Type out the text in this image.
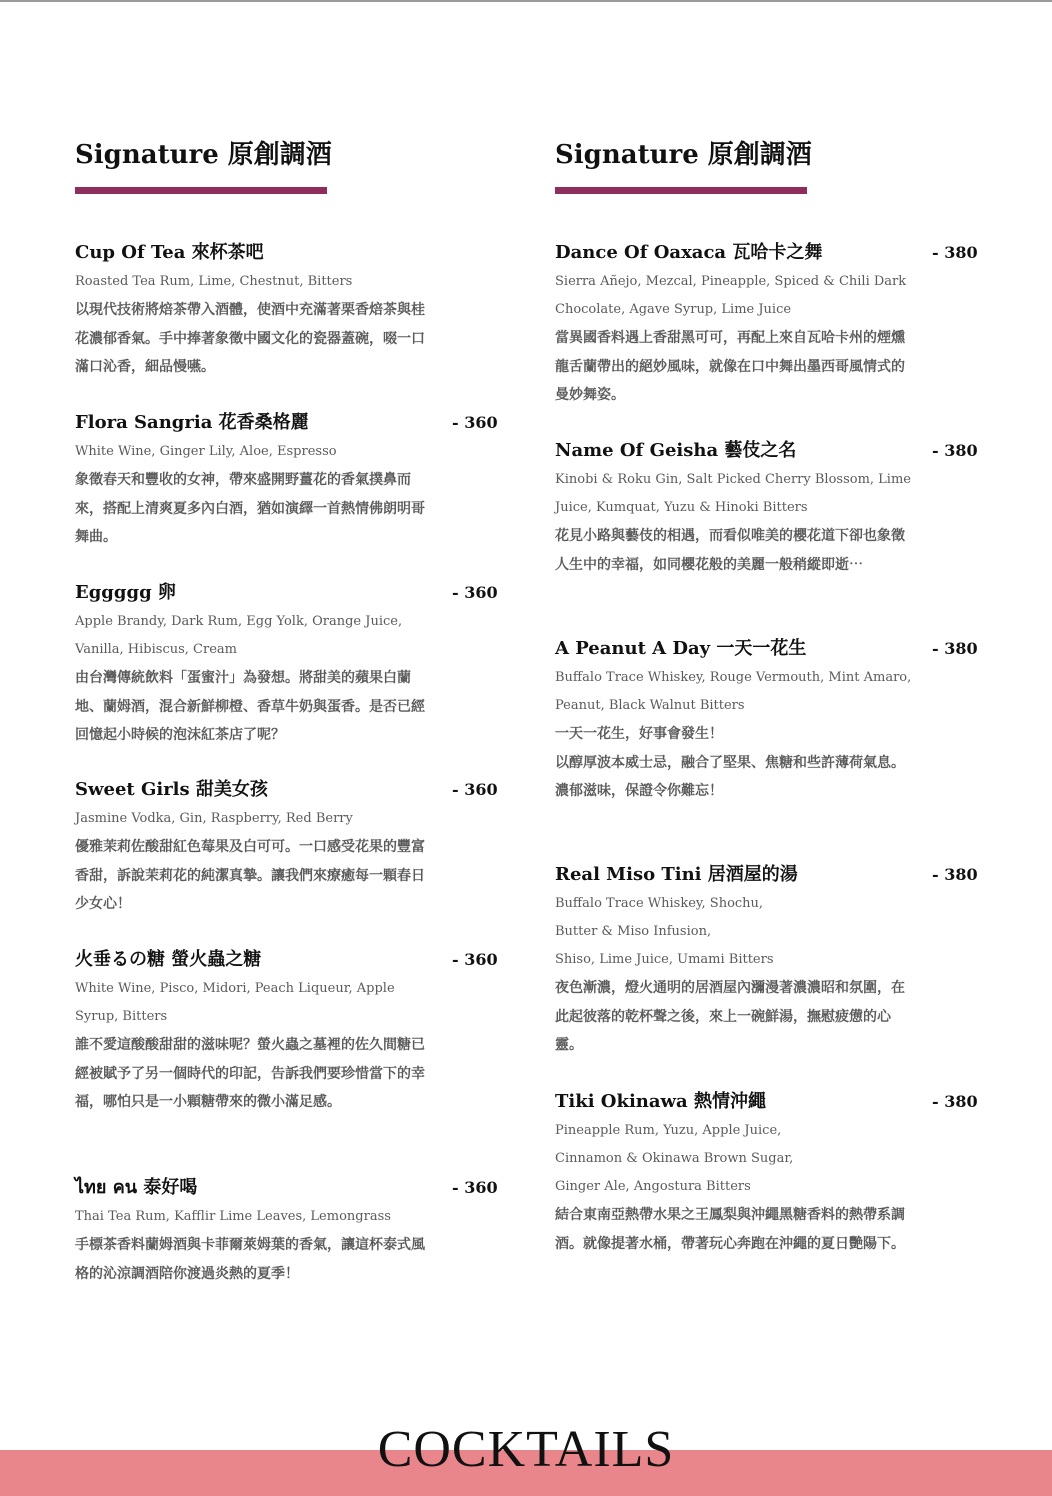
Signature 原創調酒
Cup Of Tea 來杯茶吧

Roasted Tea Rum, Lime, Chestnut, Bitters

以現代技術將焙茶帶入酒體，使酒中充滿著栗香焙茶與桂花濃郁香氣。手中捧著象徵中國文化的瓷器蓋碗，啜一口滿口沁香，細品慢嚥。

Flora Sangria 花香桑格麗	- 360

White Wine, Ginger Lily, Aloe, Espresso

象徵春天和豐收的女神，帶來盛開野薑花的香氣撲鼻而來，搭配上清爽夏多內白酒，猶如演繹一首熱情佛朗明哥舞曲。

Eggggg 卵	- 360

Apple Brandy, Dark Rum, Egg Yolk, Orange Juice, Vanilla, Hibiscus, Cream

由台灣傳統飲料「蛋蜜汁」為發想。將甜美的蘋果白蘭地、蘭姆酒，混合新鮮柳橙、香草牛奶與蛋香。是否已經回憶起小時候的泡沫紅茶店了呢？

Sweet Girls 甜美女孩	- 360

Jasmine Vodka, Gin, Raspberry, Red Berry

優雅茉莉佐酸甜紅色莓果及白可可。一口感受花果的豐富香甜，訴說茉莉花的純潔真摯。讓我們來療癒每一顆春日少女心！

火垂るの糖 螢火蟲之糖	- 360

White Wine, Pisco, Midori, Peach Liqueur, Apple Syrup, Bitters

誰不愛這酸酸甜甜的滋味呢？螢火蟲之墓裡的佐久間糖已經被賦予了另一個時代的印記，告訴我們要珍惜當下的幸福，哪怕只是一小顆糖帶來的微小滿足感。

ไทย คน 泰好喝	- 360

Thai Tea Rum, Kafflir Lime Leaves, Lemongrass

手標茶香料蘭姆酒與卡菲爾萊姆葉的香氣，讓這杯泰式風格的沁涼調酒陪你渡過炎熱的夏季！

Signature 原創調酒
Dance Of Oaxaca 瓦哈卡之舞	- 380

Sierra Añejo, Mezcal, Pineapple, Spiced & Chili Dark Chocolate, Agave Syrup, Lime Juice

當異國香料遇上香甜黑可可，再配上來自瓦哈卡州的煙燻龍舌蘭帶出的絕妙風味，就像在口中舞出墨西哥風情式的曼妙舞姿。

Name Of Geisha 藝伎之名	- 380

Kinobi & Roku Gin, Salt Picked Cherry Blossom, Lime Juice, Kumquat, Yuzu & Hinoki Bitters

花見小路與藝伎的相遇，而看似唯美的櫻花道下卻也象徵人生中的幸福，如同櫻花般的美麗一般稍縱即逝⋯

A Peanut A Day 一天一花生	- 380

Buffalo Trace Whiskey, Rouge Vermouth, Mint Amaro, Peanut, Black Walnut Bitters

一天一花生，好事會發生！
以醇厚波本威士忌，融合了堅果、焦糖和些許薄荷氣息。
濃郁滋味，保證令你難忘！

Real Miso Tini 居酒屋的湯	- 380

Buffalo Trace Whiskey, Shochu,
Butter & Miso Infusion,
Shiso, Lime Juice, Umami Bitters

夜色漸濃，燈火通明的居酒屋內瀰漫著濃濃昭和氛圍，在此起彼落的乾杯聲之後，來上一碗鮮湯，撫慰疲憊的心靈。

Tiki Okinawa 熱情沖繩	- 380

Pineapple Rum, Yuzu, Apple Juice,
Cinnamon & Okinawa Brown Sugar,
Ginger Ale, Angostura Bitters

結合東南亞熱帶水果之王鳳梨與沖繩黑糖香料的熱帶系調酒。就像提著水桶，帶著玩心奔跑在沖繩的夏日艷陽下。

COCKTAILS
